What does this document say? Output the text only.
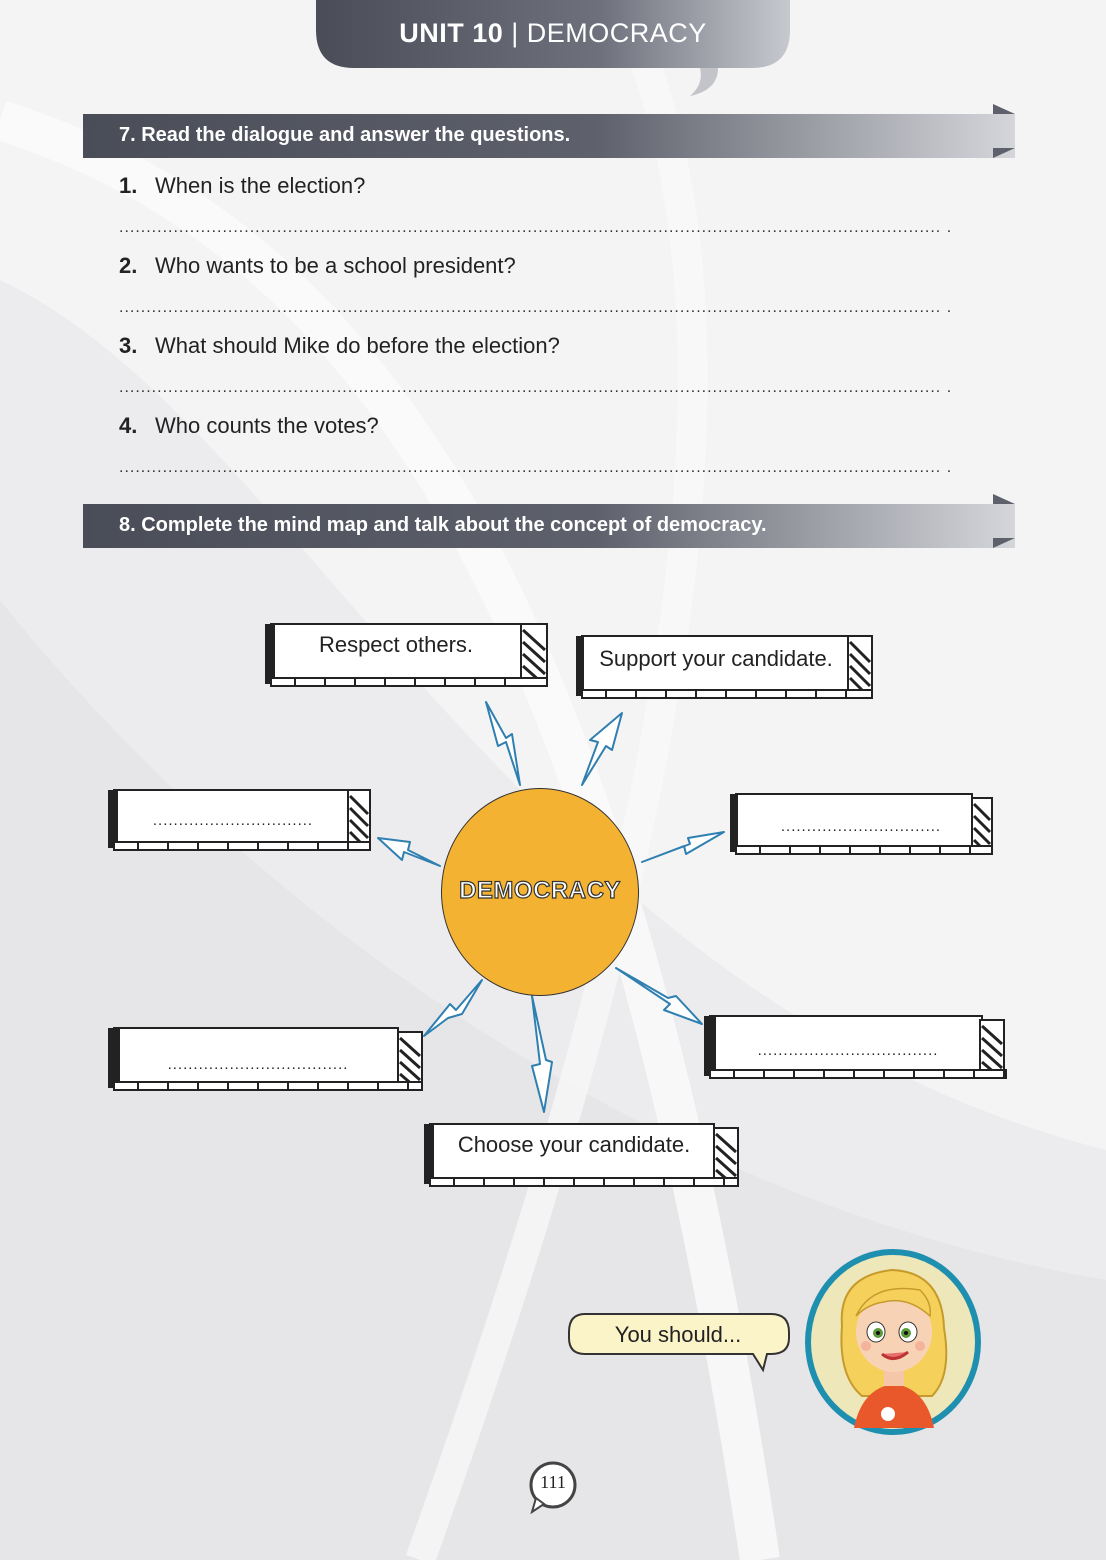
UNIT 10 | DEMOCRACY
7. Read the dialogue and answer the questions.
1. When is the election?
....................................................................................................................................................... .
2. Who wants to be a school president?
....................................................................................................................................................... .
3. What should Mike do before the election?
....................................................................................................................................................... .
4. Who counts the votes?
....................................................................................................................................................... .
8. Complete the mind map and talk about the concept of democracy.
Respect others.
Support your candidate.
...............................	...............................
...................................
...................................
Choose your candidate.
DEMOCRACY
You should...
111
